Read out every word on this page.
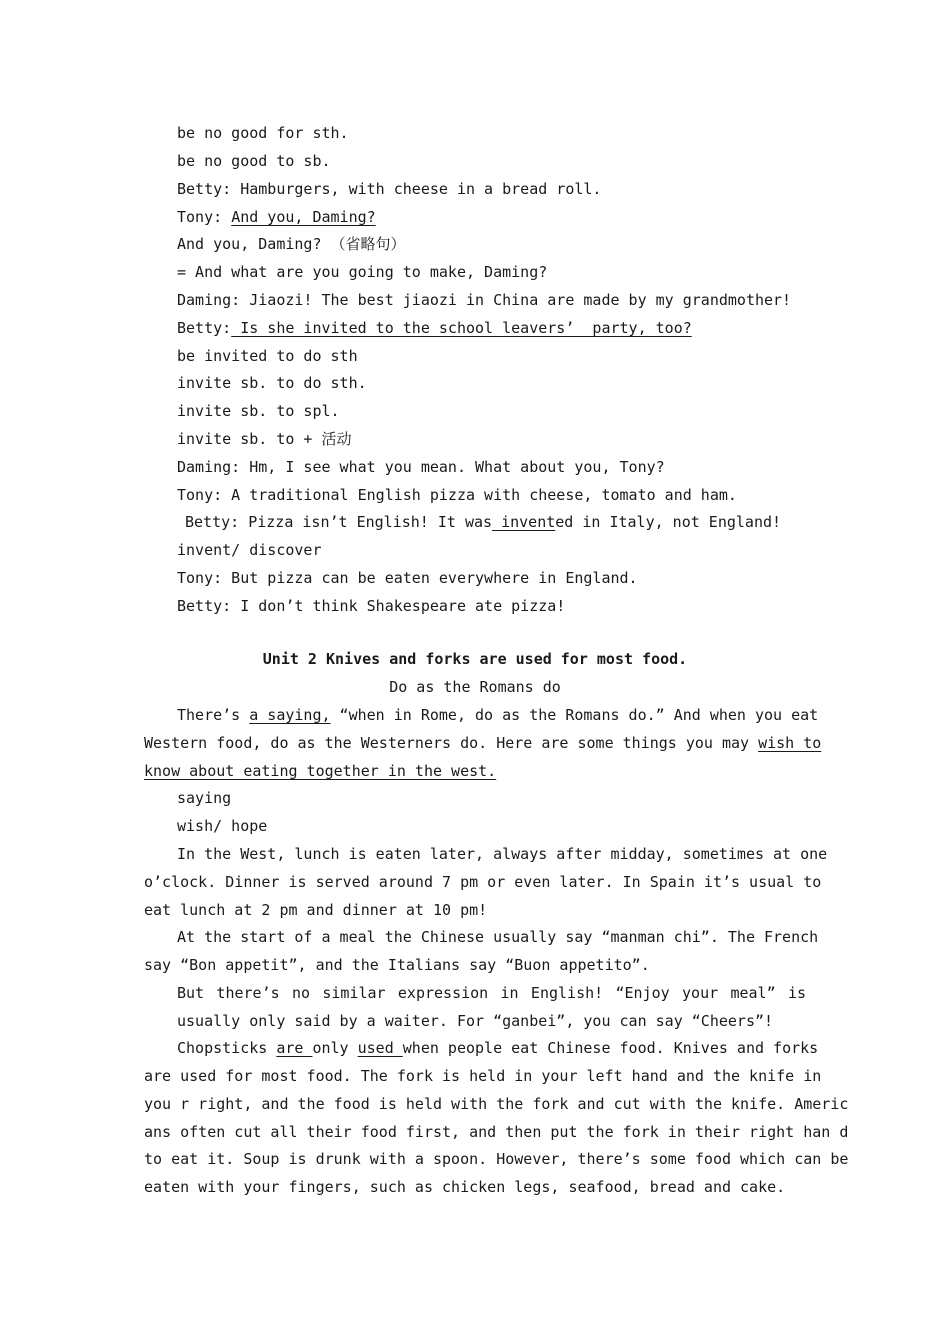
be no good for sth.
be no good to sb.
Betty: Hamburgers, with cheese in a bread roll.
Tony: And you, Daming?
And you, Daming? （省略句）
= And what are you going to make, Daming?
Daming: Jiaozi! The best jiaozi in China are made by my grandmother!
Betty: Is she invited to the school leavers’  party, too?
be invited to do sth
invite sb. to do sth.
invite sb. to spl.
invite sb. to + 活动
Daming: Hm, I see what you mean. What about you, Tony?
Tony: A traditional English pizza with cheese, tomato and ham.
Betty: Pizza isn’t English! It was invented in Italy, not England!
invent/ discover
Tony: But pizza can be eaten everywhere in England.
Betty: I don’t think Shakespeare ate pizza!
Unit 2 Knives and forks are used for most food.
Do as the Romans do
There’s a saying, “when in Rome, do as the Romans do.” And when you eat
Western food, do as the Westerners do. Here are some things you may wish to
know about eating together in the west.
saying
wish/ hope
In the West, lunch is eaten later, always after midday, sometimes at one
o’clock. Dinner is served around 7 pm or even later. In Spain it’s usual to
eat lunch at 2 pm and dinner at 10 pm!
At the start of a meal the Chinese usually say “manman chi”. The French
say “Bon appetit”, and the Italians say “Buon appetito”.
But there’s no similar expression in English! “Enjoy your meal” is
usually only said by a waiter. For “ganbei”, you can say “Cheers”!
Chopsticks are only used when people eat Chinese food. Knives and forks
are used for most food. The fork is held in your left hand and the knife in
you r right, and the food is held with the fork and cut with the knife. Americ
ans often cut all their food first, and then put the fork in their right han d
to eat it. Soup is drunk with a spoon. However, there’s some food which can be
eaten with your fingers, such as chicken legs, seafood, bread and cake.
